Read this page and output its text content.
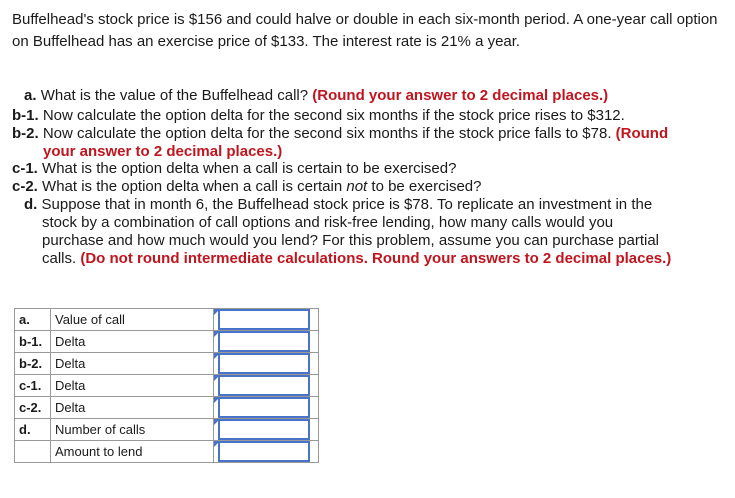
Buffelhead's stock price is $156 and could halve or double in each six-month period. A one-year call option on Buffelhead has an exercise price of $133. The interest rate is 21% a year.
a. What is the value of the Buffelhead call? (Round your answer to 2 decimal places.)
b-1. Now calculate the option delta for the second six months if the stock price rises to $312.
b-2. Now calculate the option delta for the second six months if the stock price falls to $78. (Round
your answer to 2 decimal places.)
c-1. What is the option delta when a call is certain to be exercised?
c-2. What is the option delta when a call is certain not to be exercised?
d. Suppose that in month 6, the Buffelhead stock price is $78. To replicate an investment in the
stock by a combination of call options and risk-free lending, how many calls would you
purchase and how much would you lend? For this problem, assume you can purchase partial
calls. (Do not round intermediate calculations. Round your answers to 2 decimal places.)
a.	Value of call	

b-1.	Delta	

b-2.	Delta	

c-1.	Delta	

c-2.	Delta	

d.	Number of calls	

	Amount to lend	
